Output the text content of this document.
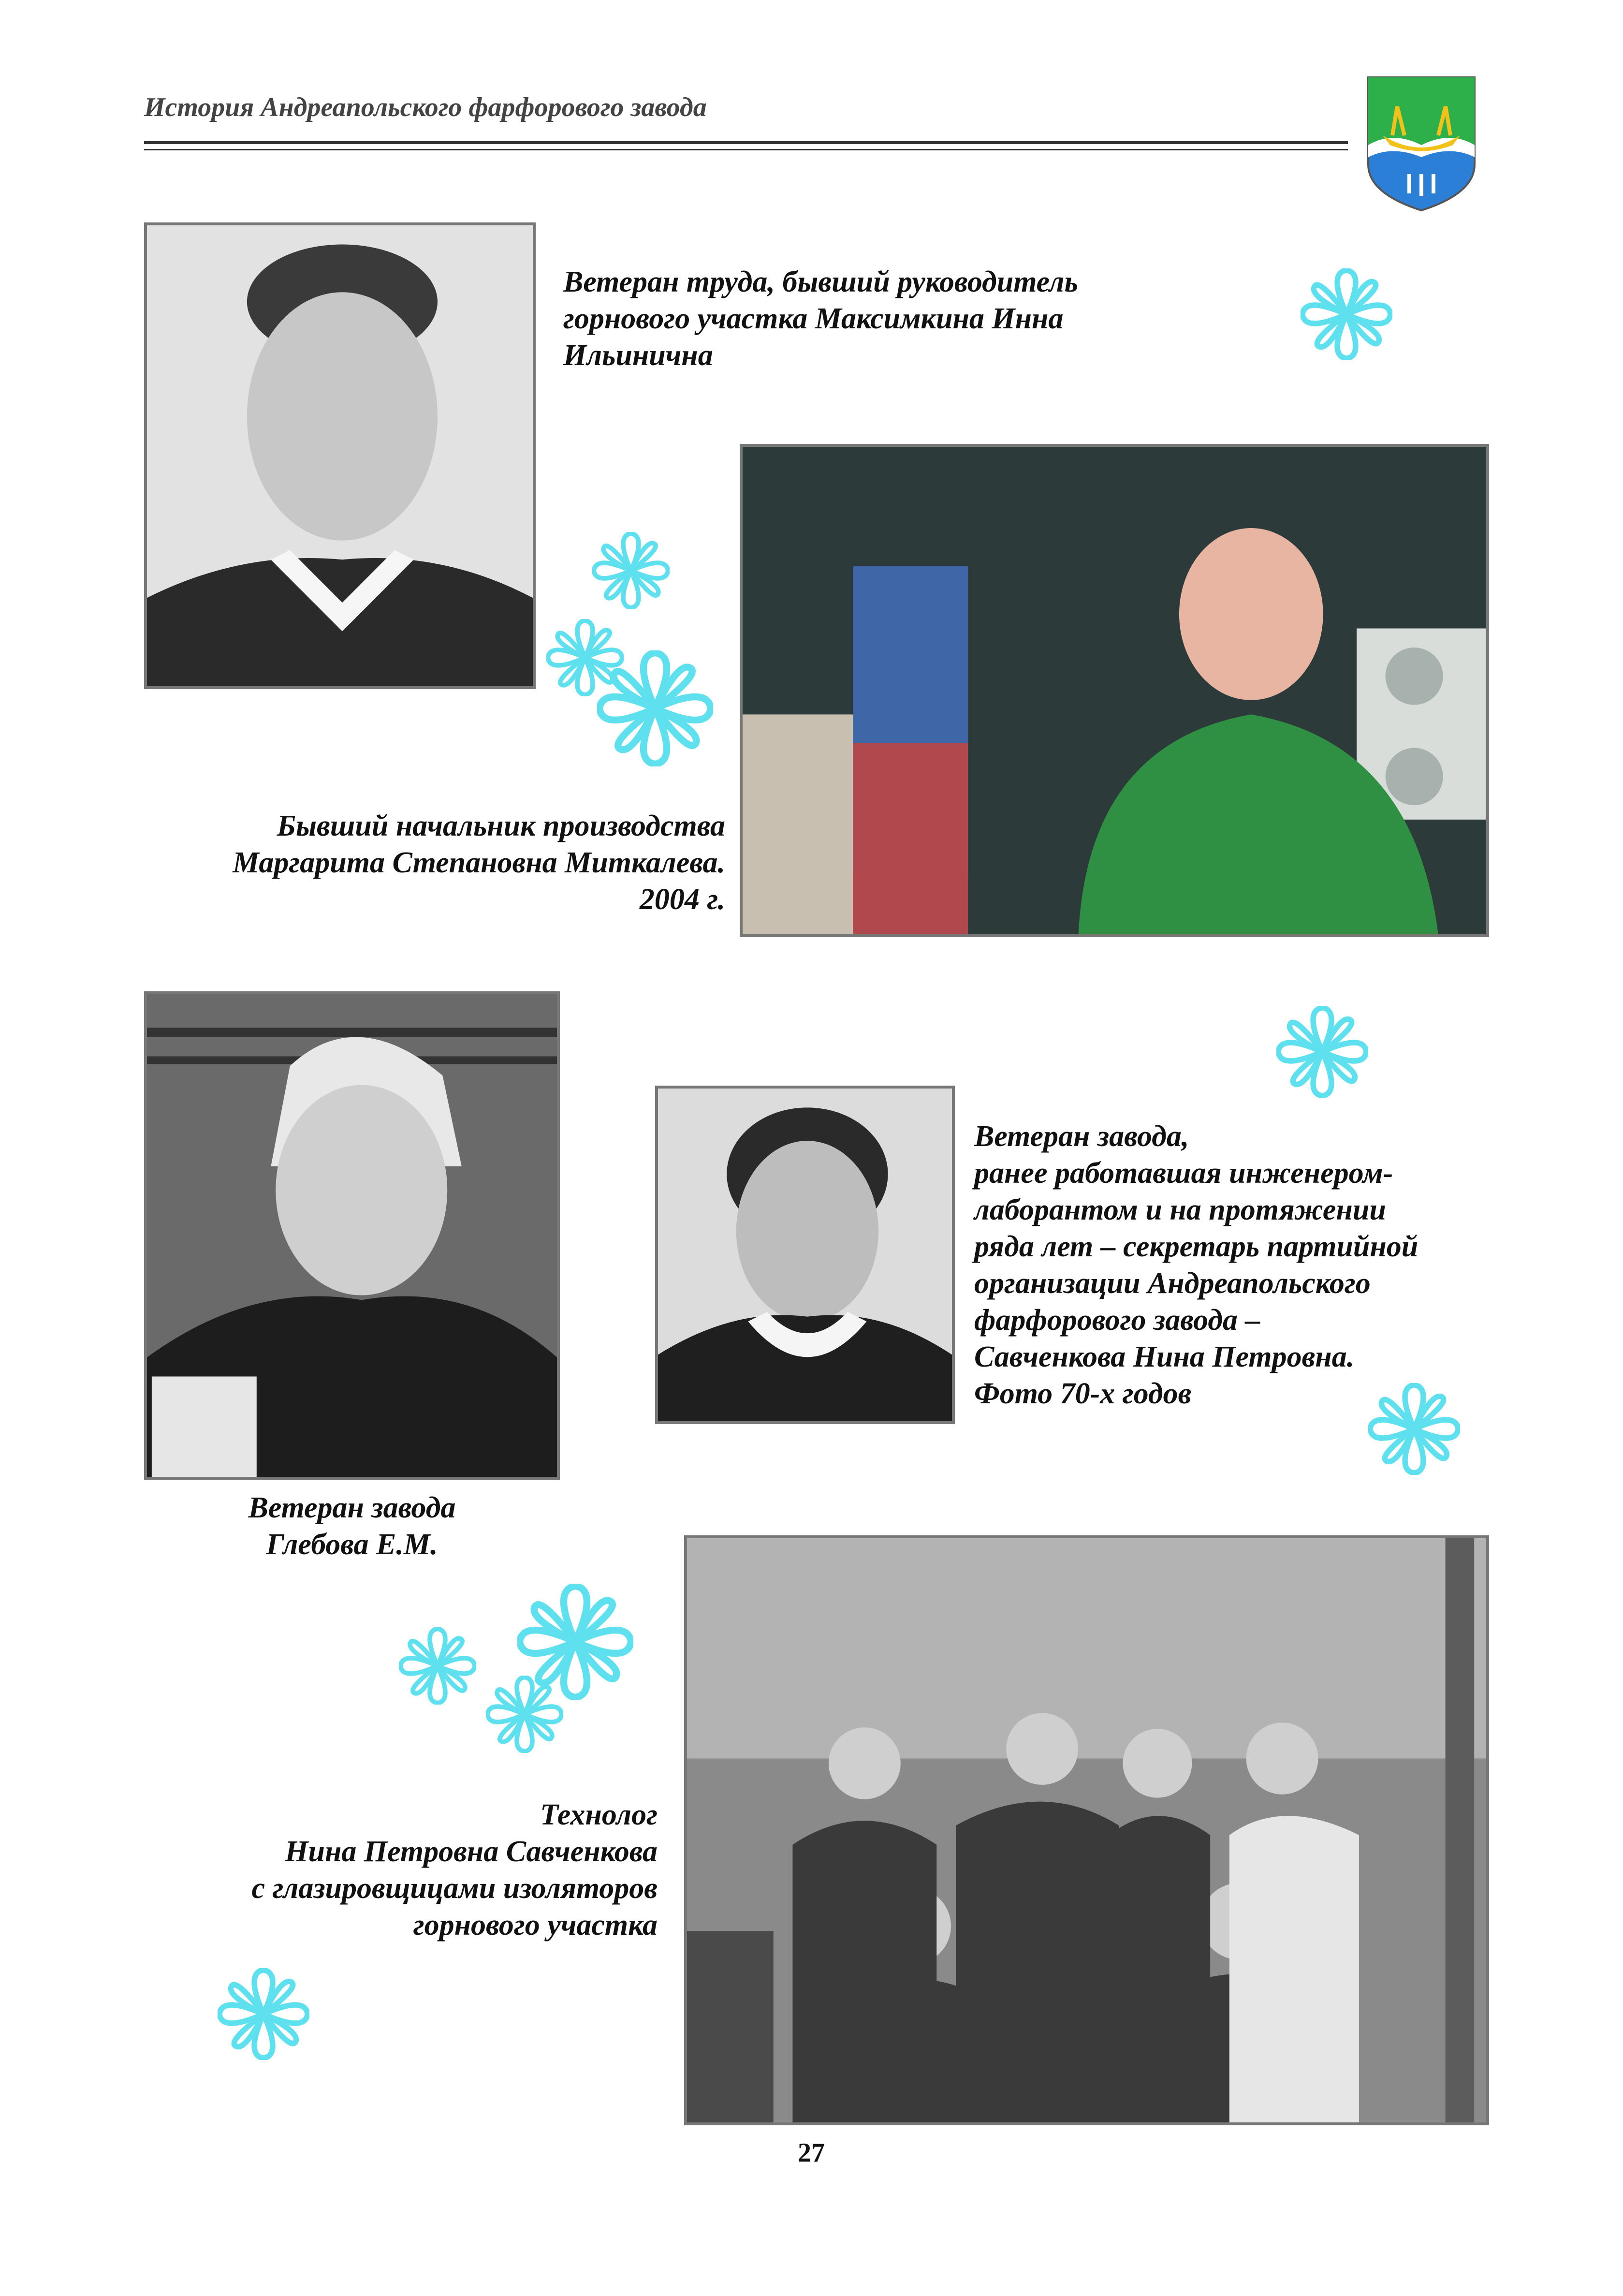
История Андреапольского фарфорового завода
Ветеран труда, бывший руководитель
горнового участка Максимкина Инна
Ильинична
Бывший начальник производства
Маргарита Степановна Миткалева.
2004 г.
Ветеран завода
Глебова Е.М.
Ветеран завода,
ранее работавшая инженером-
лаборантом и на протяжении
ряда лет – секретарь партийной
организации Андреапольского
фарфорового завода –
Савченкова Нина Петровна.
Фото 70-х годов
Технолог
Нина Петровна Савченкова
с глазировщицами изоляторов
горнового участка
27
